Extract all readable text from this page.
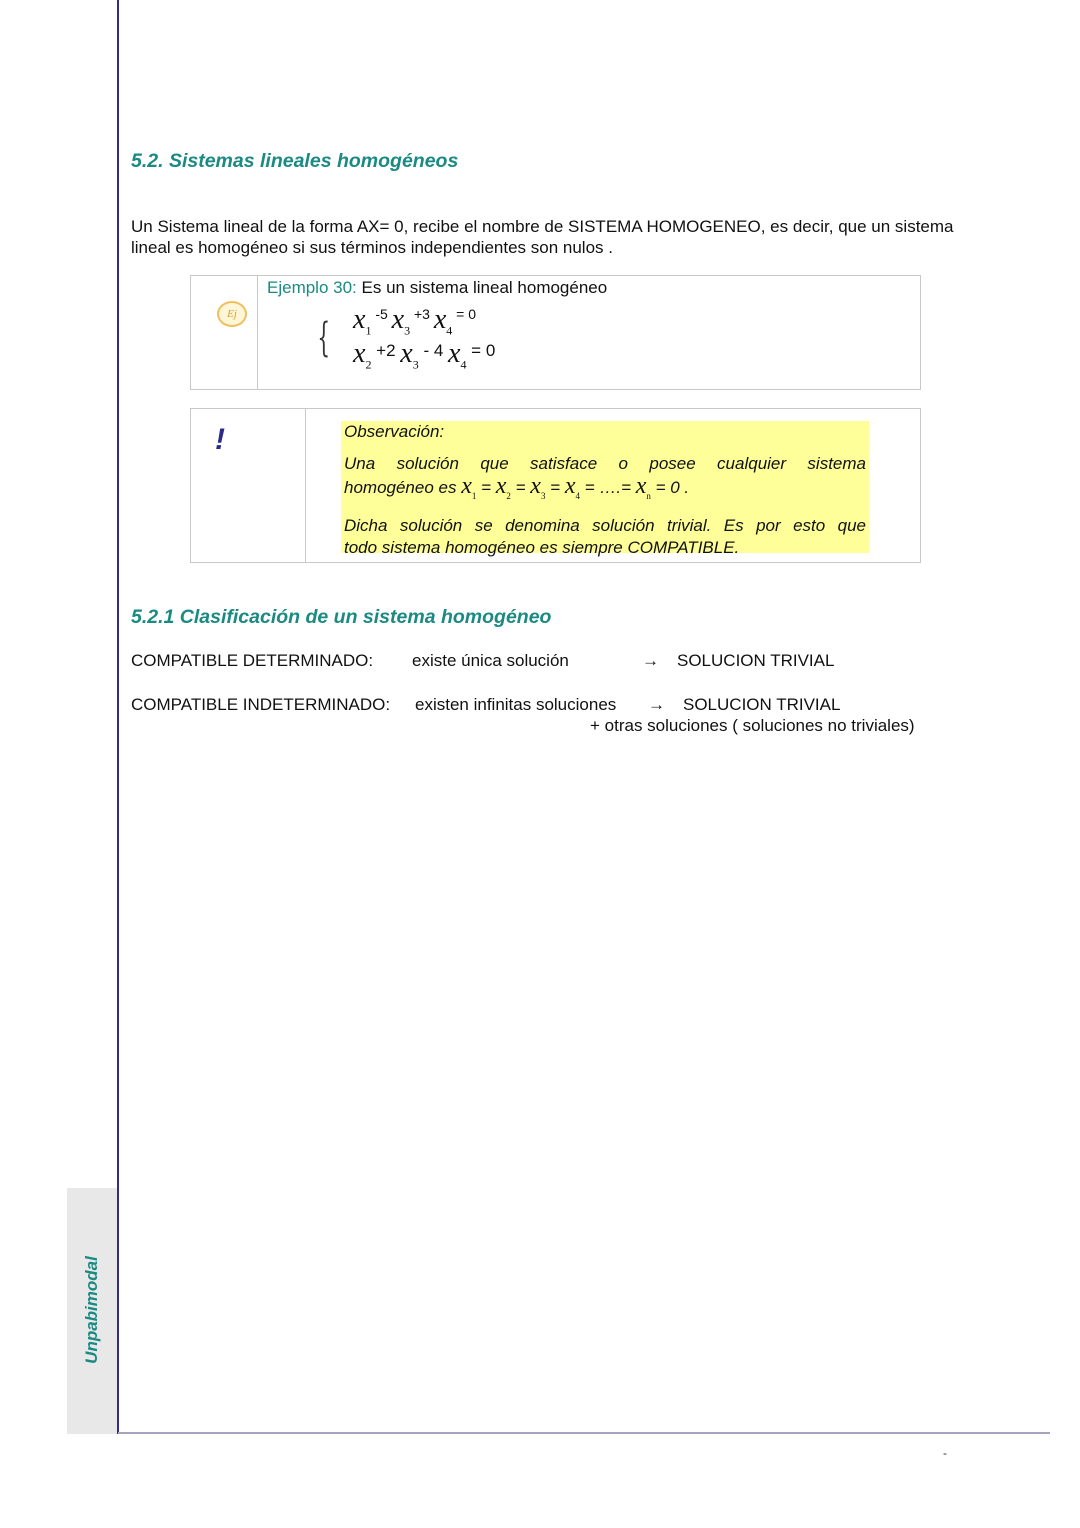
Unpabimodal
-
5.2. Sistemas lineales homogéneos
Un Sistema lineal de la forma AX= 0, recibe el nombre de SISTEMA HOMOGENEO, es decir, que un sistema lineal es homogéneo si sus términos independientes son nulos .
Ej
Ejemplo 30: Es un sistema lineal homogéneo
{ $x_1$ $^{-5}$ $x_3$ $^{+3}$ $x_4$ $^{= 0}$
$x_2$ $^{+2}$ $x_3$ $^{- 4}$ $x_4$ $^{= 0}$
!	Observación:

Una solución que satisface o posee cualquier sistema
homogéneo es $x_1 = x_2 = x_3 = x_4$ = ….= $x_n = 0$ .

Dicha solución se denomina solución trivial. Es por esto que
todo sistema homogéneo es siempre COMPATIBLE.

5.2.1 Clasificación de un sistema homogéneo
COMPATIBLE DETERMINADO: existe única solución	→ SOLUCION TRIVIAL
COMPATIBLE INDETERMINADO: existen infinitas soluciones → SOLUCION TRIVIAL
+ otras soluciones ( soluciones no triviales)
